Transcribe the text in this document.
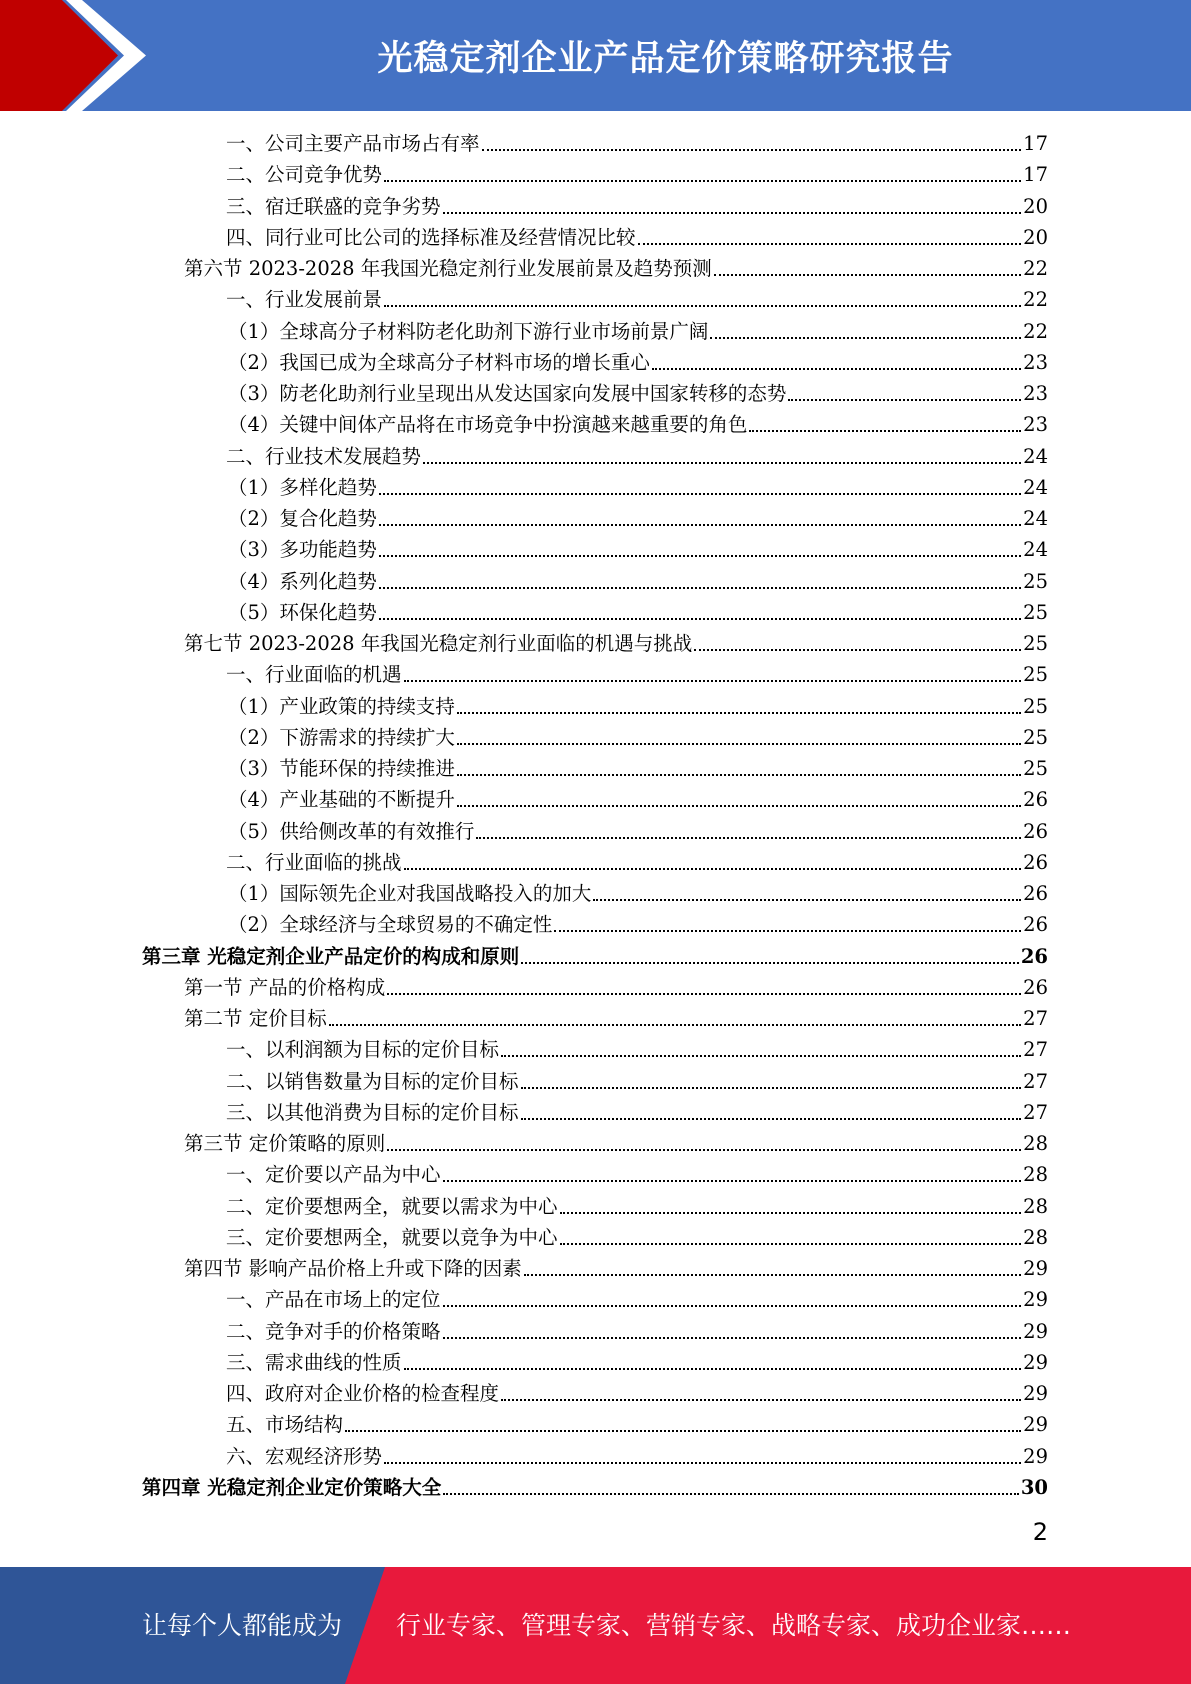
光稳定剂企业产品定价策略研究报告
一、公司主要产品市场占有率	17
二、公司竞争优势	17
三、宿迁联盛的竞争劣势	20
四、同行业可比公司的选择标准及经营情况比较	20
第六节 2023-2028 年我国光稳定剂行业发展前景及趋势预测	22
一、行业发展前景	22
（1）全球高分子材料防老化助剂下游行业市场前景广阔	22
（2）我国已成为全球高分子材料市场的增长重心	23
（3）防老化助剂行业呈现出从发达国家向发展中国家转移的态势	23
（4）关键中间体产品将在市场竞争中扮演越来越重要的角色	23
二、行业技术发展趋势	24
（1）多样化趋势	24
（2）复合化趋势	24
（3）多功能趋势	24
（4）系列化趋势	25
（5）环保化趋势	25
第七节 2023-2028 年我国光稳定剂行业面临的机遇与挑战	25
一、行业面临的机遇	25
（1）产业政策的持续支持	25
（2）下游需求的持续扩大	25
（3）节能环保的持续推进	25
（4）产业基础的不断提升	26
（5）供给侧改革的有效推行	26
二、行业面临的挑战	26
（1）国际领先企业对我国战略投入的加大	26
（2）全球经济与全球贸易的不确定性	26
第三章 光稳定剂企业产品定价的构成和原则	26
第一节 产品的价格构成	26
第二节 定价目标	27
一、以利润额为目标的定价目标	27
二、以销售数量为目标的定价目标	27
三、以其他消费为目标的定价目标	27
第三节 定价策略的原则	28
一、定价要以产品为中心	28
二、定价要想两全，就要以需求为中心	28
三、定价要想两全，就要以竞争为中心	28
第四节 影响产品价格上升或下降的因素	29
一、产品在市场上的定位	29
二、竞争对手的价格策略	29
三、需求曲线的性质	29
四、政府对企业价格的检查程度	29
五、市场结构	29
六、宏观经济形势	29
第四章 光稳定剂企业定价策略大全	30
2
让每个人都能成为 行业专家、管理专家、营销专家、战略专家、成功企业家……
